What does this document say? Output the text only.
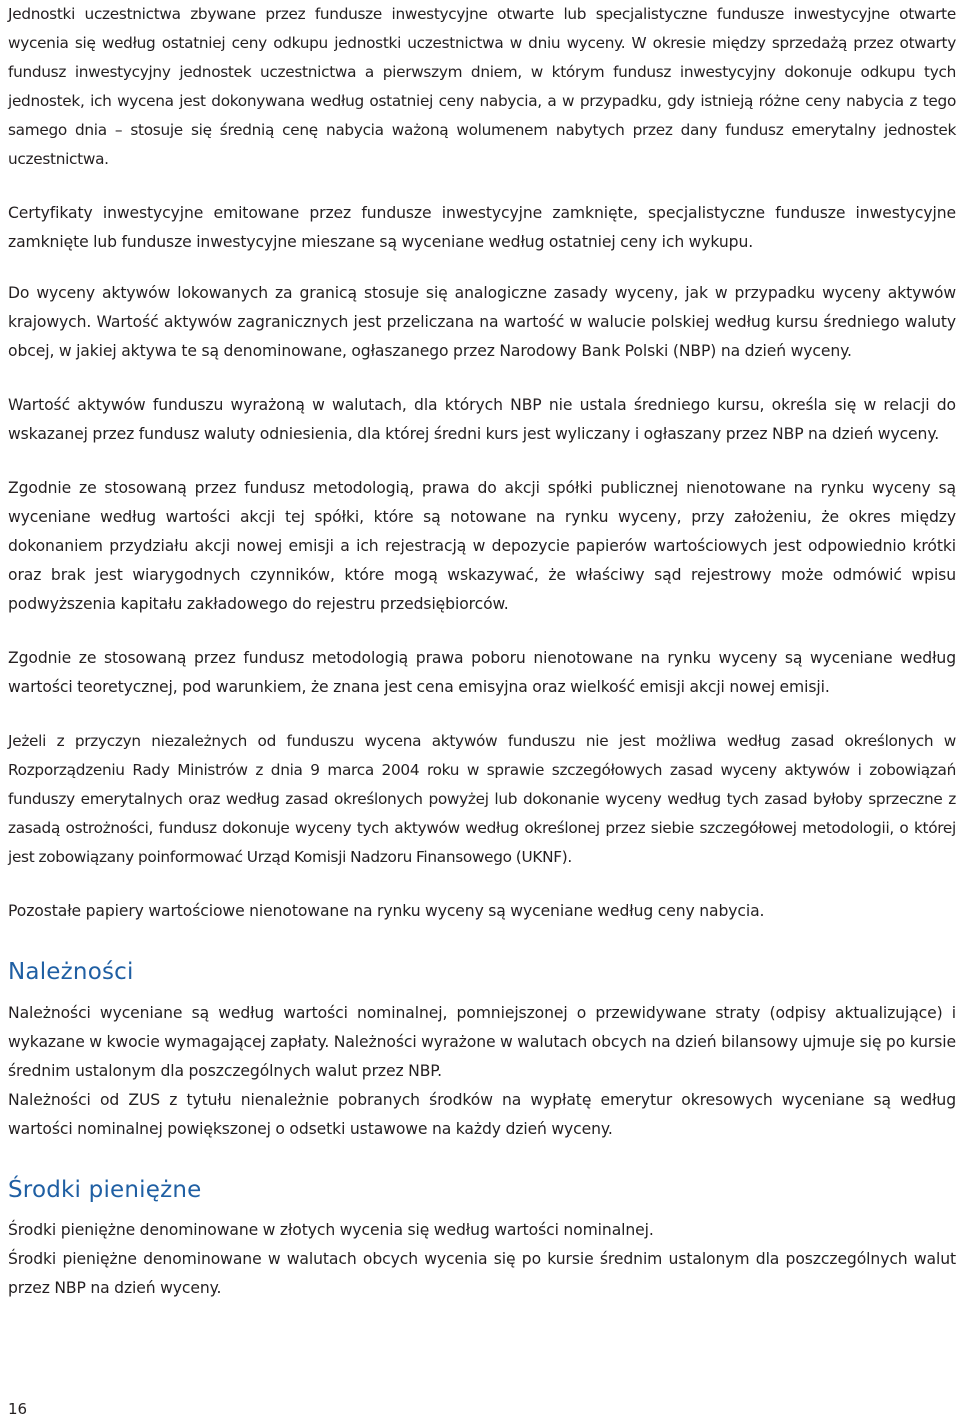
Jednostki uczestnictwa zbywane przez fundusze inwestycyjne otwarte lub specjalistyczne fundusze inwestycyjne otwarte wycenia się według ostatniej ceny odkupu jednostki uczestnictwa w dniu wyceny. W okresie między sprzedażą przez otwarty fundusz inwestycyjny jednostek uczestnictwa a pierwszym dniem, w którym fundusz inwestycyjny dokonuje odkupu tych jednostek, ich wycena jest dokonywana według ostatniej ceny nabycia, a w przypadku, gdy istnieją różne ceny nabycia z tego samego dnia – stosuje się średnią cenę nabycia ważoną wolumenem nabytych przez dany fundusz emerytalny jednostek uczestnictwa.

Certyfikaty inwestycyjne emitowane przez fundusze inwestycyjne zamknięte, specjalistyczne fundusze inwestycyjne zamknięte lub fundusze inwestycyjne mieszane są wyceniane według ostatniej ceny ich wykupu.

Do wyceny aktywów lokowanych za granicą stosuje się analogiczne zasady wyceny, jak w przypadku wyceny aktywów krajowych. Wartość aktywów zagranicznych jest przeliczana na wartość w walucie polskiej według kursu średniego waluty obcej, w jakiej aktywa te są denominowane, ogłaszanego przez Narodowy Bank Polski (NBP) na dzień wyceny.

Wartość aktywów funduszu wyrażoną w walutach, dla których NBP nie ustala średniego kursu, określa się w relacji do wskazanej przez fundusz waluty odniesienia, dla której średni kurs jest wyliczany i ogłaszany przez NBP na dzień wyceny.

Zgodnie ze stosowaną przez fundusz metodologią, prawa do akcji spółki publicznej nienotowane na rynku wyceny są wyceniane według wartości akcji tej spółki, które są notowane na rynku wyceny, przy założeniu, że okres między dokonaniem przydziału akcji nowej emisji a ich rejestracją w depozycie papierów wartościowych jest odpowiednio krótki oraz brak jest wiarygodnych czynników, które mogą wskazywać, że właściwy sąd rejestrowy może odmówić wpisu podwyższenia kapitału zakładowego do rejestru przedsiębiorców.

Zgodnie ze stosowaną przez fundusz metodologią prawa poboru nienotowane na rynku wyceny są wyceniane według wartości teoretycznej, pod warunkiem, że znana jest cena emisyjna oraz wielkość emisji akcji nowej emisji.

Jeżeli z przyczyn niezależnych od funduszu wycena aktywów funduszu nie jest możliwa według zasad określonych w Rozporządzeniu Rady Ministrów z dnia 9 marca 2004 roku w sprawie szczegółowych zasad wyceny aktywów i zobowiązań funduszy emerytalnych oraz według zasad określonych powyżej lub dokonanie wyceny według tych zasad byłoby sprzeczne z zasadą ostrożności, fundusz dokonuje wyceny tych aktywów według określonej przez siebie szczegółowej metodologii, o której jest zobowiązany poinformować Urząd Komisji Nadzoru Finansowego (UKNF).

Pozostałe papiery wartościowe nienotowane na rynku wyceny są wyceniane według ceny nabycia.

Należności

Należności wyceniane są według wartości nominalnej, pomniejszonej o przewidywane straty (odpisy aktualizujące) i wykazane w kwocie wymagającej zapłaty. Należności wyrażone w walutach obcych na dzień bilansowy ujmuje się po kursie średnim ustalonym dla poszczególnych walut przez NBP.

Należności od ZUS z tytułu nienależnie pobranych środków na wypłatę emerytur okresowych wyceniane są według wartości nominalnej powiększonej o odsetki ustawowe na każdy dzień wyceny.

Środki pieniężne

Środki pieniężne denominowane w złotych wycenia się według wartości nominalnej.

Środki pieniężne denominowane w walutach obcych wycenia się po kursie średnim ustalonym dla poszczególnych walut przez NBP na dzień wyceny.

16
